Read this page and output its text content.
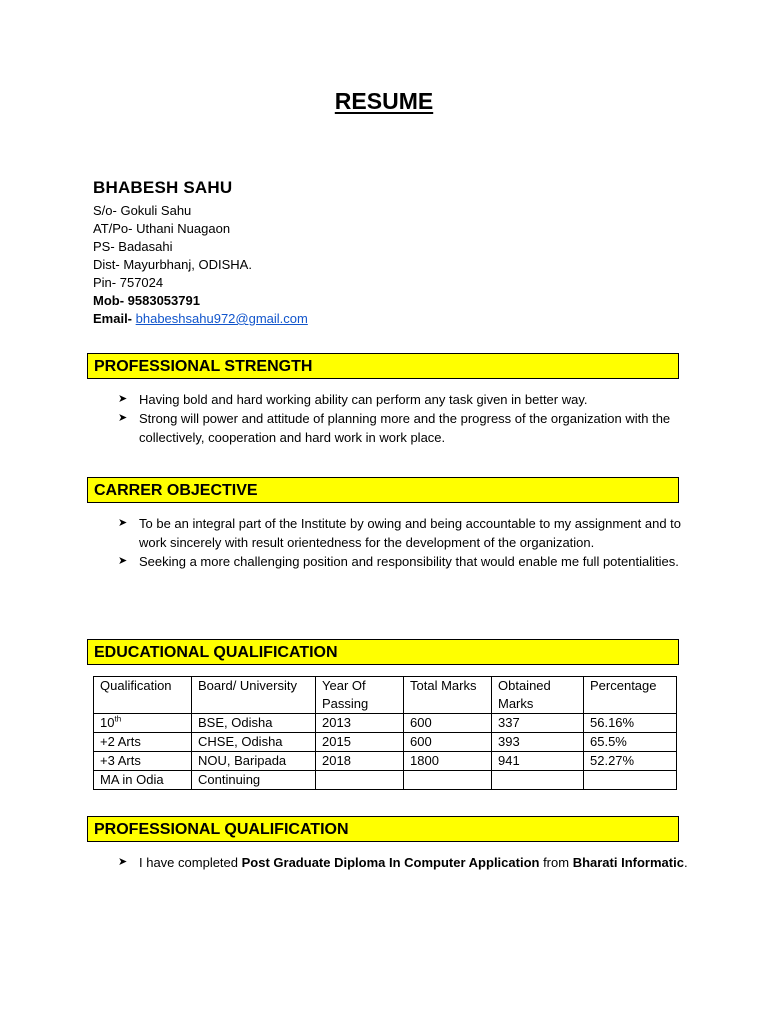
RESUME
BHABESH SAHU
S/o- Gokuli Sahu
AT/Po- Uthani Nuagaon
PS- Badasahi
Dist- Mayurbhanj, ODISHA.
Pin- 757024
Mob- 9583053791
Email- bhabeshsahu972@gmail.com
PROFESSIONAL STRENGTH
➤ Having bold and hard working ability can perform any task given in better way.
➤ Strong will power and attitude of planning more and the progress of the organization with the collectively, cooperation and hard work in work place.
CARRER OBJECTIVE
➤ To be an integral part of the Institute by owing and being accountable to my assignment and to work sincerely with result orientedness for the development of the organization.
➤ Seeking a more challenging position and responsibility that would enable me full potentialities.
EDUCATIONAL QUALIFICATION
Qualification	Board/ University	Year Of Passing	Total Marks	Obtained Marks	Percentage
10th	BSE, Odisha	2013	600	337	56.16%
+2 Arts	CHSE, Odisha	2015	600	393	65.5%
+3 Arts	NOU, Baripada	2018	1800	941	52.27%
MA in Odia	Continuing				
PROFESSIONAL QUALIFICATION
➤ I have completed Post Graduate Diploma In Computer Application from Bharati Informatic.
